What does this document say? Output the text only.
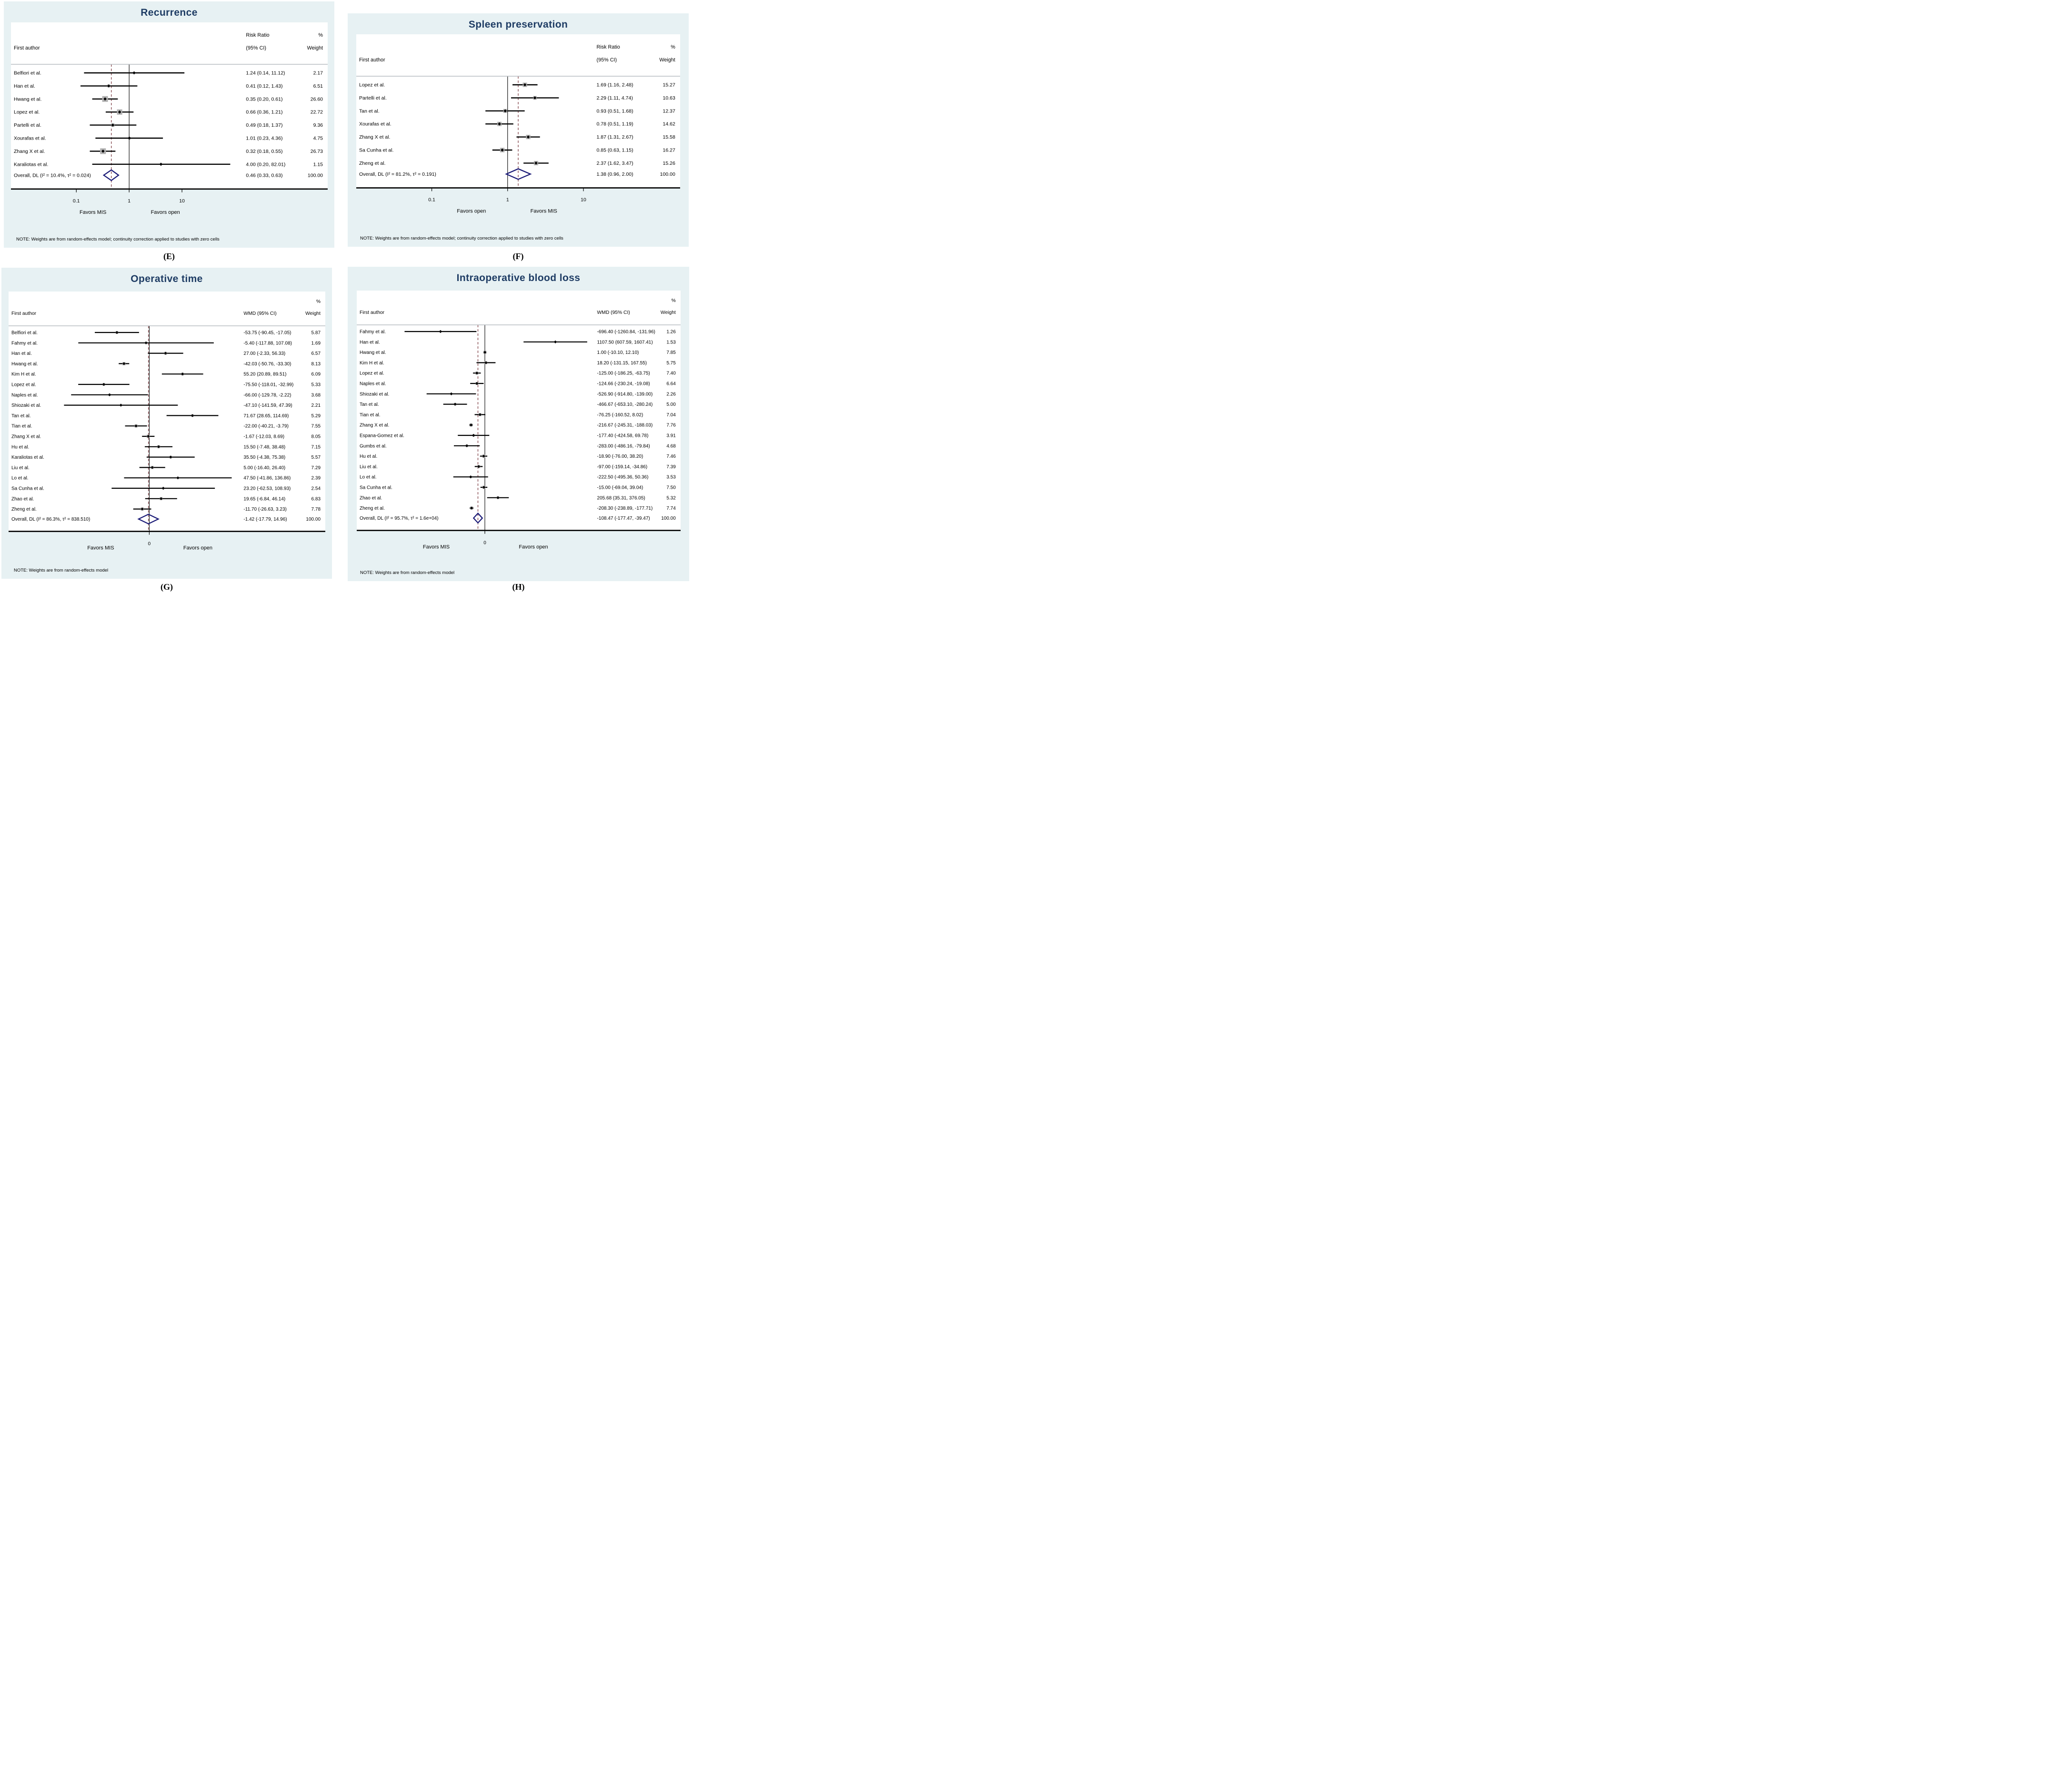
Recurrence
Risk Ratio	%
First author	(95% CI)	Weight
Belfiori et al.	1.24 (0.14, 11.12)	2.17
Han et al.	0.41 (0.12, 1.43)	6.51
Hwang et al.	0.35 (0.20, 0.61)	26.60
Lopez et al.	0.66 (0.36, 1.21)	22.72
Partelli et al.	0.49 (0.18, 1.37)	9.36
Xourafas et al.	1.01 (0.23, 4.36)	4.75
Zhang X et al.	0.32 (0.18, 0.55)	26.73
Karaliotas et al.	4.00 (0.20, 82.01)	1.15
Overall, DL (I² = 10.4%, τ² = 0.024)	0.46 (0.33, 0.63)	100.00
0.1	1	10
Favors MIS	Favors open
NOTE: Weights are from random-effects model; continuity correction applied to studies with zero cells
Spleen preservation
Risk Ratio	%
First author	(95% CI)	Weight
Lopez et al.	1.69 (1.16, 2.48)	15.27
Partelli et al.	2.29 (1.11, 4.74)	10.63
Tan et al.	0.93 (0.51, 1.68)	12.37
Xourafas et al.	0.78 (0.51, 1.19)	14.62
Zhang X et al.	1.87 (1.31, 2.67)	15.58
Sa Cunha et al.	0.85 (0.63, 1.15)	16.27
Zheng et al.	2.37 (1.62, 3.47)	15.26
Overall, DL (I² = 81.2%, τ² = 0.191)	1.38 (0.96, 2.00)	100.00
0.1	1	10
Favors open	Favors MIS
NOTE: Weights are from random-effects model; continuity correction applied to studies with zero cells
Operative time
%
First author	WMD (95% CI)	Weight
Belfiori et al.	-53.75 (-90.45, -17.05)	5.87
Fahmy et al.	-5.40 (-117.88, 107.08)	1.69
Han et al.	27.00 (-2.33, 56.33)	6.57
Hwang et al.	-42.03 (-50.76, -33.30)	8.13
Kim H et al.	55.20 (20.89, 89.51)	6.09
Lopez et al.	-75.50 (-118.01, -32.99)	5.33
Naples et al.	-66.00 (-129.78, -2.22)	3.68
Shiozaki et al.	-47.10 (-141.59, 47.39)	2.21
Tan et al.	71.67 (28.65, 114.69)	5.29
Tian et al.	-22.00 (-40.21, -3.79)	7.55
Zhang X et al.	-1.67 (-12.03, 8.69)	8.05
Hu et al.	15.50 (-7.48, 38.48)	7.15
Karaliotas et al.	35.50 (-4.38, 75.38)	5.57
Liu et al.	5.00 (-16.40, 26.40)	7.29
Lo et al.	47.50 (-41.86, 136.86)	2.39
Sa Cunha et al.	23.20 (-62.53, 108.93)	2.54
Zhao et al.	19.65 (-6.84, 46.14)	6.83
Zheng et al.	-11.70 (-26.63, 3.23)	7.78
Overall, DL (I² = 86.3%, τ² = 838.510)	-1.42 (-17.79, 14.96)	100.00
0
Favors MIS	Favors open
NOTE: Weights are from random-effects model
Intraoperative blood loss
%
First author	WMD (95% CI)	Weight
Fahmy et al.	-696.40 (-1260.84, -131.96) 1.26
Han et al.	1107.50 (607.59, 1607.41)	1.53
Hwang et al.	1.00 (-10.10, 12.10)	7.85
Kim H et al.	18.20 (-131.15, 167.55)	5.75
Lopez et al.	-125.00 (-186.25, -63.75)	7.40
Naples et al.	-124.66 (-230.24, -19.08)	6.64
Shiozaki et al.	-526.90 (-914.80, -139.00)	2.26
Tan et al.	-466.67 (-653.10, -280.24)	5.00
Tian et al.	-76.25 (-160.52, 8.02)	7.04
Zhang X et al.	-216.67 (-245.31, -188.03)	7.76
Espana-Gomez et al.	-177.40 (-424.58, 69.78)	3.91
Gumbs et al.	-283.00 (-486.16, -79.84)	4.68
Hu et al.	-18.90 (-76.00, 38.20)	7.46
Liu et al.	-97.00 (-159.14, -34.86)	7.39
Lo et al.	-222.50 (-495.36, 50.36)	3.53
Sa Cunha et al.	-15.00 (-69.04, 39.04)	7.50
Zhao et al.	205.68 (35.31, 376.05)	5.32
Zheng et al.	-208.30 (-238.89, -177.71)	7.74
Overall, DL (I² = 95.7%, τ² = 1.6e+04)	-108.47 (-177.47, -39.47) 100.00
0
Favors MIS	Favors open
NOTE: Weights are from random-effects model
(E)	(F)
(G)	(H)
